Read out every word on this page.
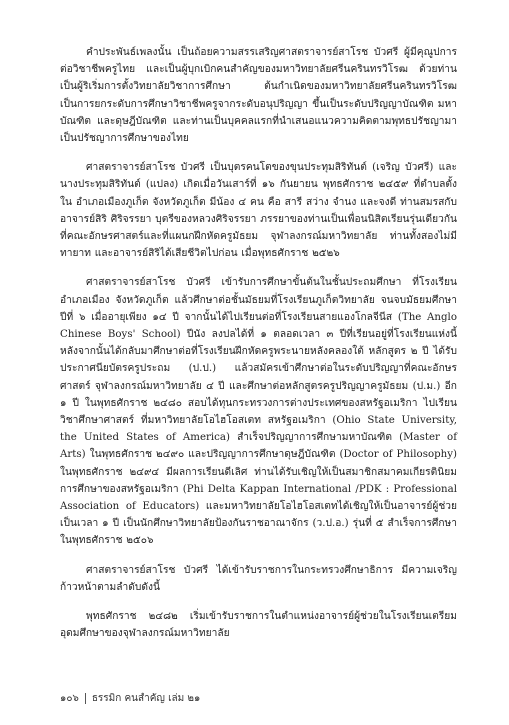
คำประพันธ์เพลงนั้น เป็นถ้อยความสรรเสริญศาสตราจารย์สาโรช บัวศรี ผู้มีคุณูปการต่อวิชาชีพครูไทย และเป็นผู้บุกเบิกคนสำคัญของมหาวิทยาลัยศรีนครินทรวิโรฒ ด้วยท่านเป็นผู้ริเริ่มการตั้งวิทยาลัยวิชาการศึกษา ต้นกำเนิดของมหาวิทยาลัยศรีนครินทรวิโรฒ เป็นการยกระดับการศึกษาวิชาชีพครูจากระดับอนุปริญญา ขึ้นเป็นระดับปริญญาบัณฑิต มหาบัณฑิต และดุษฎีบัณฑิต และท่านเป็นบุคคลแรกที่นำเสนอแนวความคิดตามพุทธปรัชญามาเป็นปรัชญาการศึกษาของไทย

ศาสตราจารย์สาโรช บัวศรี เป็นบุตรคนโตของขุนประทุมสิริทันต์ (เจริญ บัวศรี) และนางประทุมสิริทันต์ (แปลง) เกิดเมื่อวันเสาร์ที่ ๑๖ กันยายน พุทธศักราช ๒๔๕๙ ที่ตำบลตั้งใน อำเภอเมืองภูเก็ต จังหวัดภูเก็ต มีน้อง ๔ คน คือ สารี สว่าง จำนง และจงดี ท่านสมรสกับ อาจารย์สิริ ศิริจรรยา บุตรีของหลวงศิริจรรยา ภรรยาของท่านเป็นเพื่อนนิสิตเรียนรุ่นเดียวกันที่คณะอักษรศาสตร์และที่แผนกฝึกหัดครูมัธยม จุฬาลงกรณ์มหาวิทยาลัย ท่านทั้งสองไม่มีทายาท และอาจารย์สิริได้เสียชีวิตไปก่อน เมื่อพุทธศักราช ๒๕๒๖

ศาสตราจารย์สาโรช บัวศรี เข้ารับการศึกษาขั้นต้นในชั้นประถมศึกษา ที่โรงเรียนอำเภอเมือง จังหวัดภูเก็ต แล้วศึกษาต่อชั้นมัธยมที่โรงเรียนภูเก็ตวิทยาลัย จนจบมัธยมศึกษาปีที่ ๖ เมื่ออายุเพียง ๑๔ ปี จากนั้นได้ไปเรียนต่อที่โรงเรียนสายแองโกลจีนีส (The Anglo Chinese Boys' School) ปีนัง ลงปลได้ที่ ๑ ตลอดเวลา ๓ ปีที่เรียนอยู่ที่โรงเรียนแห่งนี้ หลังจากนั้นได้กลับมาศึกษาต่อที่โรงเรียนฝึกหัดครูพระนายหลังคลองใต้ หลักสูตร ๒ ปี ได้รับประกาศนียบัตรครูประถม (ป.ป.) แล้วสมัครเข้าศึกษาต่อในระดับปริญญาที่คณะอักษรศาสตร์ จุฬาลงกรณ์มหาวิทยาลัย ๔ ปี และศึกษาต่อหลักสูตรครูปริญญาครูมัธยม (ป.ม.) อีก ๑ ปี ในพุทธศักราช ๒๔๘๐ สอบได้ทุนกระทรวงการต่างประเทศของสหรัฐอเมริกา ไปเรียนวิชาศึกษาศาสตร์ ที่มหาวิทยาลัยโอไฮโอสเตท สหรัฐอเมริกา (Ohio State University, the United States of America) สำเร็จปริญญาการศึกษามหาบัณฑิต (Master of Arts) ในพุทธศักราช ๒๔๙๐ และปริญญาการศึกษาดุษฎีบัณฑิต (Doctor of Philosophy) ในพุทธศักราช ๒๔๙๔ มีผลการเรียนดีเลิศ ท่านได้รับเชิญให้เป็นสมาชิกสมาคมเกียรตินิยมการศึกษาของสหรัฐอเมริกา (Phi Delta Kappan International /PDK : Professional Association of Educators) และมหาวิทยาลัยโอไฮโอสเตทได้เชิญให้เป็นอาจารย์ผู้ช่วยเป็นเวลา ๑ ปี เป็นนักศึกษาวิทยาลัยป้องกันราชอาณาจักร (ว.ป.อ.) รุ่นที่ ๕ สำเร็จการศึกษาในพุทธศักราช ๒๕๐๖

ศาสตราจารย์สาโรช บัวศรี ได้เข้ารับราชการในกระทรวงศึกษาธิการ มีความเจริญก้าวหน้าตามลำดับดังนี้

พุทธศักราช ๒๔๘๒ เริ่มเข้ารับราชการในตำแหน่งอาจารย์ผู้ช่วยในโรงเรียนเตรียมอุดมศึกษาของจุฬาลงกรณ์มหาวิทยาลัย

๑๐๖ ธรรมิก คนสำคัญ เล่ม ๒๑
